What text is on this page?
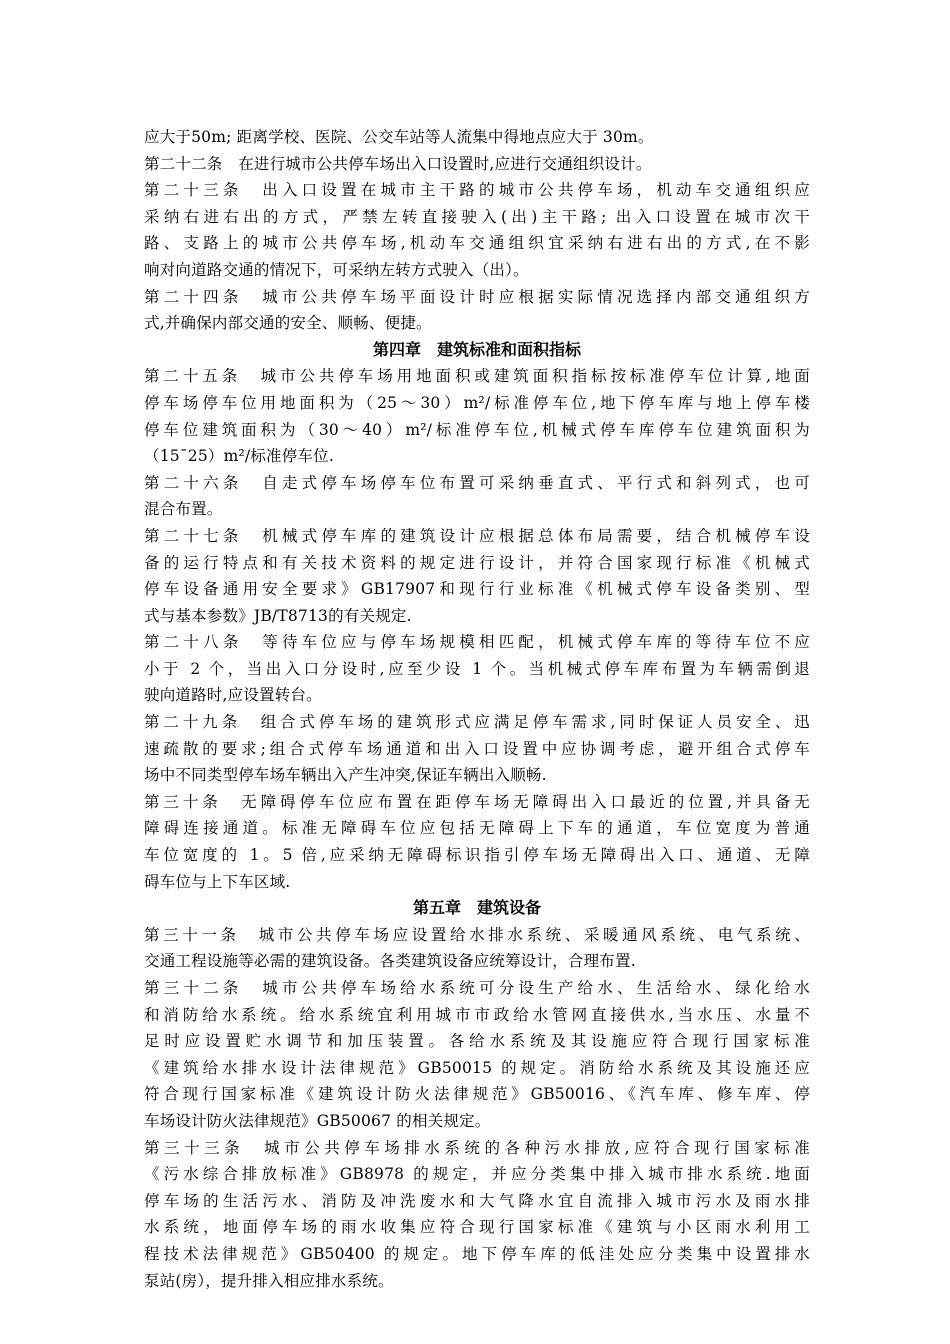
应大于50m; 距离学校、医院、公交车站等人流集中得地点应大于 30m。
第二十二条　在进行城市公共停车场出入口设置时,应进行交通组织设计。
第二十三条　出入口设置在城市主干路的城市公共停车场，机动车交通组织应
采纳右进右出的方式，严禁左转直接驶入(出)主干路; 出入口设置在城市次干
路、支路上的城市公共停车场,机动车交通组织宜采纳右进右出的方式,在不影
响对向道路交通的情况下，可采纳左转方式驶入（出）。
第二十四条　城市公共停车场平面设计时应根据实际情况选择内部交通组织方
式,并确保内部交通的安全、顺畅、便捷。
第四章　建筑标准和面积指标
第二十五条　城市公共停车场用地面积或建筑面积指标按标准停车位计算,地面
停车场停车位用地面积为（25～30）m²/标准停车位,地下停车库与地上停车楼
停车位建筑面积为（30～40）m²/标准停车位,机械式停车库停车位建筑面积为
（15¯25）m²/标准停车位.
第二十六条　自走式停车场停车位布置可采纳垂直式、平行式和斜列式，也可
混合布置。
第二十七条　机械式停车库的建筑设计应根据总体布局需要，结合机械停车设
备的运行特点和有关技术资料的规定进行设计，并符合国家现行标准《机械式
停车设备通用安全要求》GB17907和现行行业标准《机械式停车设备类别、型
式与基本参数》JB/T8713的有关规定.
第二十八条　等待车位应与停车场规模相匹配，机械式停车库的等待车位不应
小于 2 个，当出入口分设时,应至少设 1 个。当机械式停车库布置为车辆需倒退
驶向道路时,应设置转台。
第二十九条　组合式停车场的建筑形式应满足停车需求,同时保证人员安全、迅
速疏散的要求;组合式停车场通道和出入口设置中应协调考虑，避开组合式停车
场中不同类型停车场车辆出入产生冲突,保证车辆出入顺畅.
第三十条　无障碍停车位应布置在距停车场无障碍出入口最近的位置,并具备无
障碍连接通道。标准无障碍车位应包括无障碍上下车的通道，车位宽度为普通
车位宽度的 1。5 倍,应采纳无障碍标识指引停车场无障碍出入口、通道、无障
碍车位与上下车区域.
第五章　建筑设备
第三十一条　城市公共停车场应设置给水排水系统、采暖通风系统、电气系统、
交通工程设施等必需的建筑设备。各类建筑设备应统筹设计，合理布置.
第三十二条　城市公共停车场给水系统可分设生产给水、生活给水、绿化给水
和消防给水系统。给水系统宜利用城市市政给水管网直接供水,当水压、水量不
足时应设置贮水调节和加压装置。各给水系统及其设施应符合现行国家标准
《建筑给水排水设计法律规范》GB50015 的规定。消防给水系统及其设施还应
符合现行国家标准《建筑设计防火法律规范》GB50016、《汽车库、修车库、停
车场设计防火法律规范》GB50067 的相关规定。
第三十三条　城市公共停车场排水系统的各种污水排放,应符合现行国家标准
《污水综合排放标准》GB8978 的规定，并应分类集中排入城市排水系统.地面
停车场的生活污水、消防及冲洗废水和大气降水宜自流排入城市污水及雨水排
水系统，地面停车场的雨水收集应符合现行国家标准《建筑与小区雨水利用工
程技术法律规范》GB50400 的规定。地下停车库的低洼处应分类集中设置排水
泵站(房），提升排入相应排水系统。
